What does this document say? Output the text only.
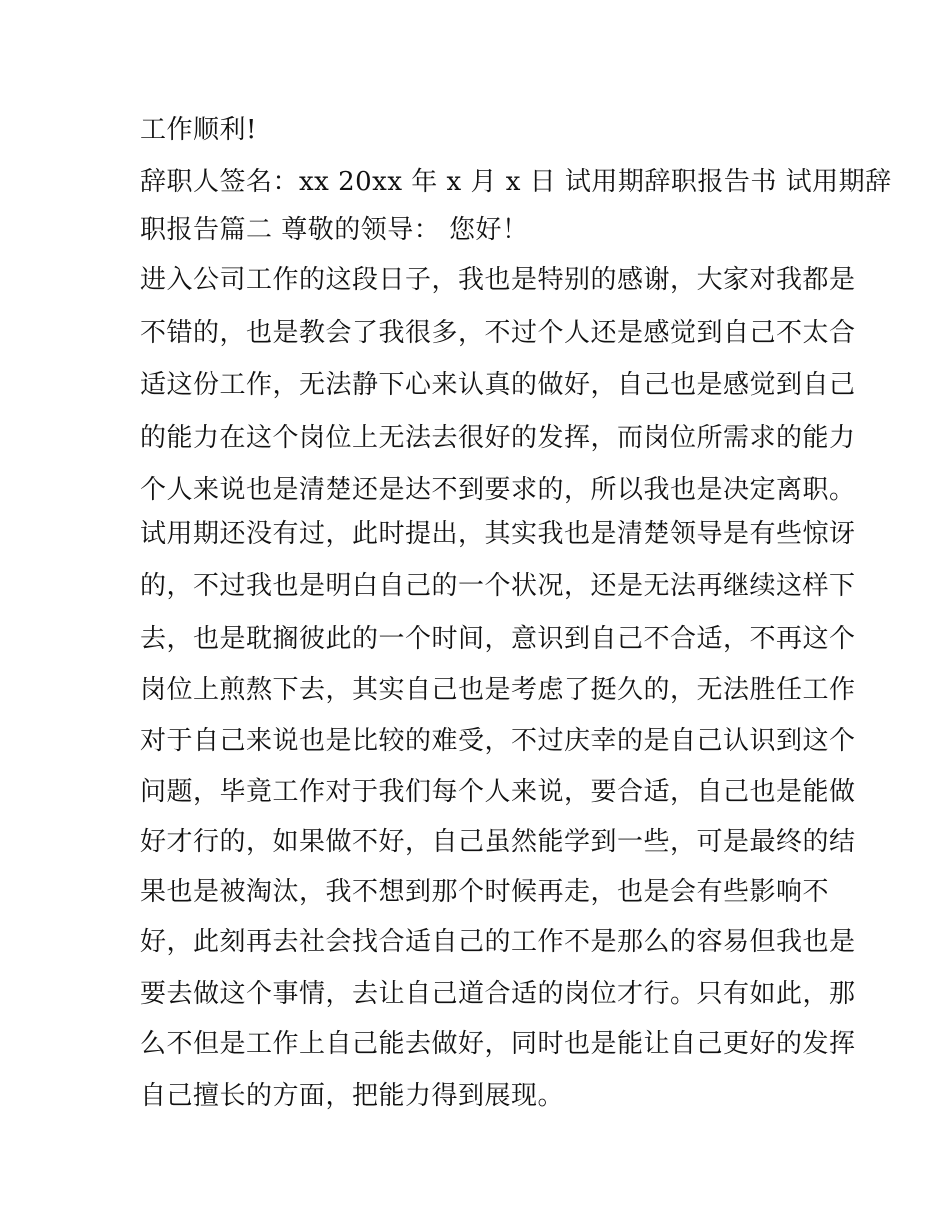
工作顺利!
辞职人签名：xx 20xx 年 x 月 x 日 试用期辞职报告书 试用期辞
职报告篇二 尊敬的领导： 您好！
进入公司工作的这段日子，我也是特别的感谢，大家对我都是
不错的，也是教会了我很多，不过个人还是感觉到自己不太合
适这份工作，无法静下心来认真的做好，自己也是感觉到自己
的能力在这个岗位上无法去很好的发挥，而岗位所需求的能力
个人来说也是清楚还是达不到要求的，所以我也是决定离职。
试用期还没有过，此时提出，其实我也是清楚领导是有些惊讶
的，不过我也是明白自己的一个状况，还是无法再继续这样下
去，也是耽搁彼此的一个时间，意识到自己不合适，不再这个
岗位上煎熬下去，其实自己也是考虑了挺久的，无法胜任工作
对于自己来说也是比较的难受，不过庆幸的是自己认识到这个
问题，毕竟工作对于我们每个人来说，要合适，自己也是能做
好才行的，如果做不好，自己虽然能学到一些，可是最终的结
果也是被淘汰，我不想到那个时候再走，也是会有些影响不
好，此刻再去社会找合适自己的工作不是那么的容易但我也是
要去做这个事情，去让自己道合适的岗位才行。只有如此，那
么不但是工作上自己能去做好，同时也是能让自己更好的发挥
自己擅长的方面，把能力得到展现。
